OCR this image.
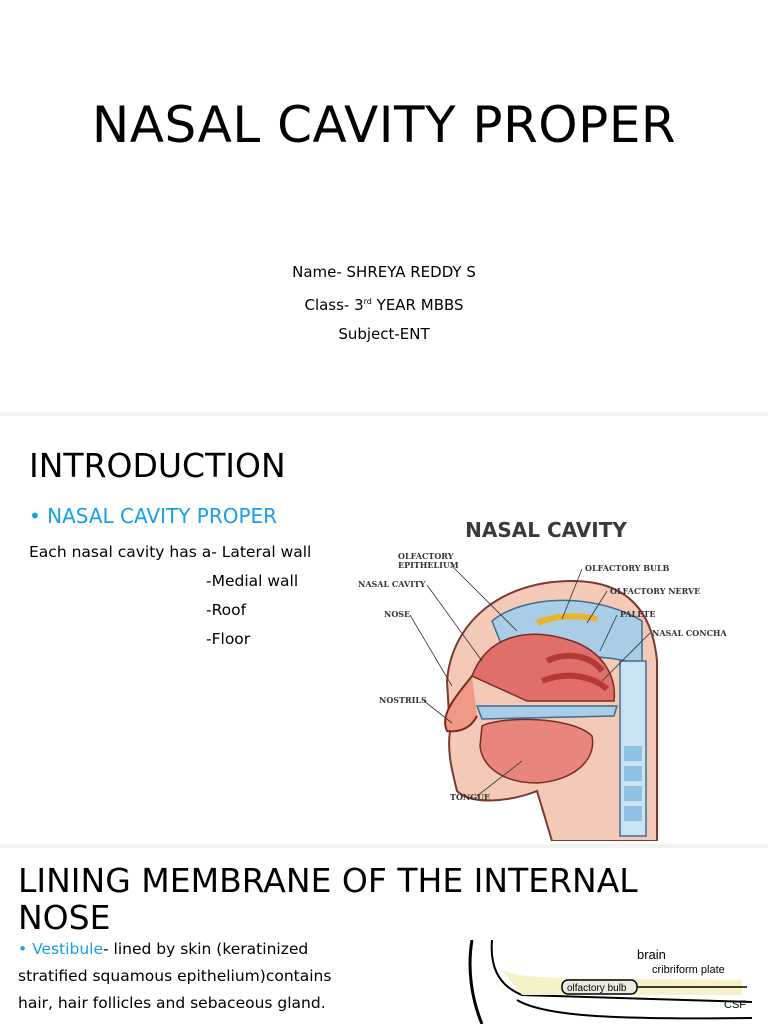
NASAL CAVITY PROPER
Name- SHREYA REDDY S
Class- 3rd YEAR MBBS
Subject-ENT
INTRODUCTION
• NASAL CAVITY PROPER
Each nasal cavity has a- Lateral wall
-Medial wall
-Roof
-Floor
NASAL CAVITY
OLFACTORY
EPITHELIUM
NASAL CAVITY
NOSE
NOSTRILS
TONGUE
OLFACTORY BULB
OLFACTORY NERVE
PALETE
NASAL CONCHA
LINING MEMBRANE OF THE INTERNAL NOSE
• Vestibule- lined by skin (keratinized stratified squamous epithelium)contains hair, hair follicles and sebaceous gland.
brain
cribriform plate
olfactory bulb
CSF
